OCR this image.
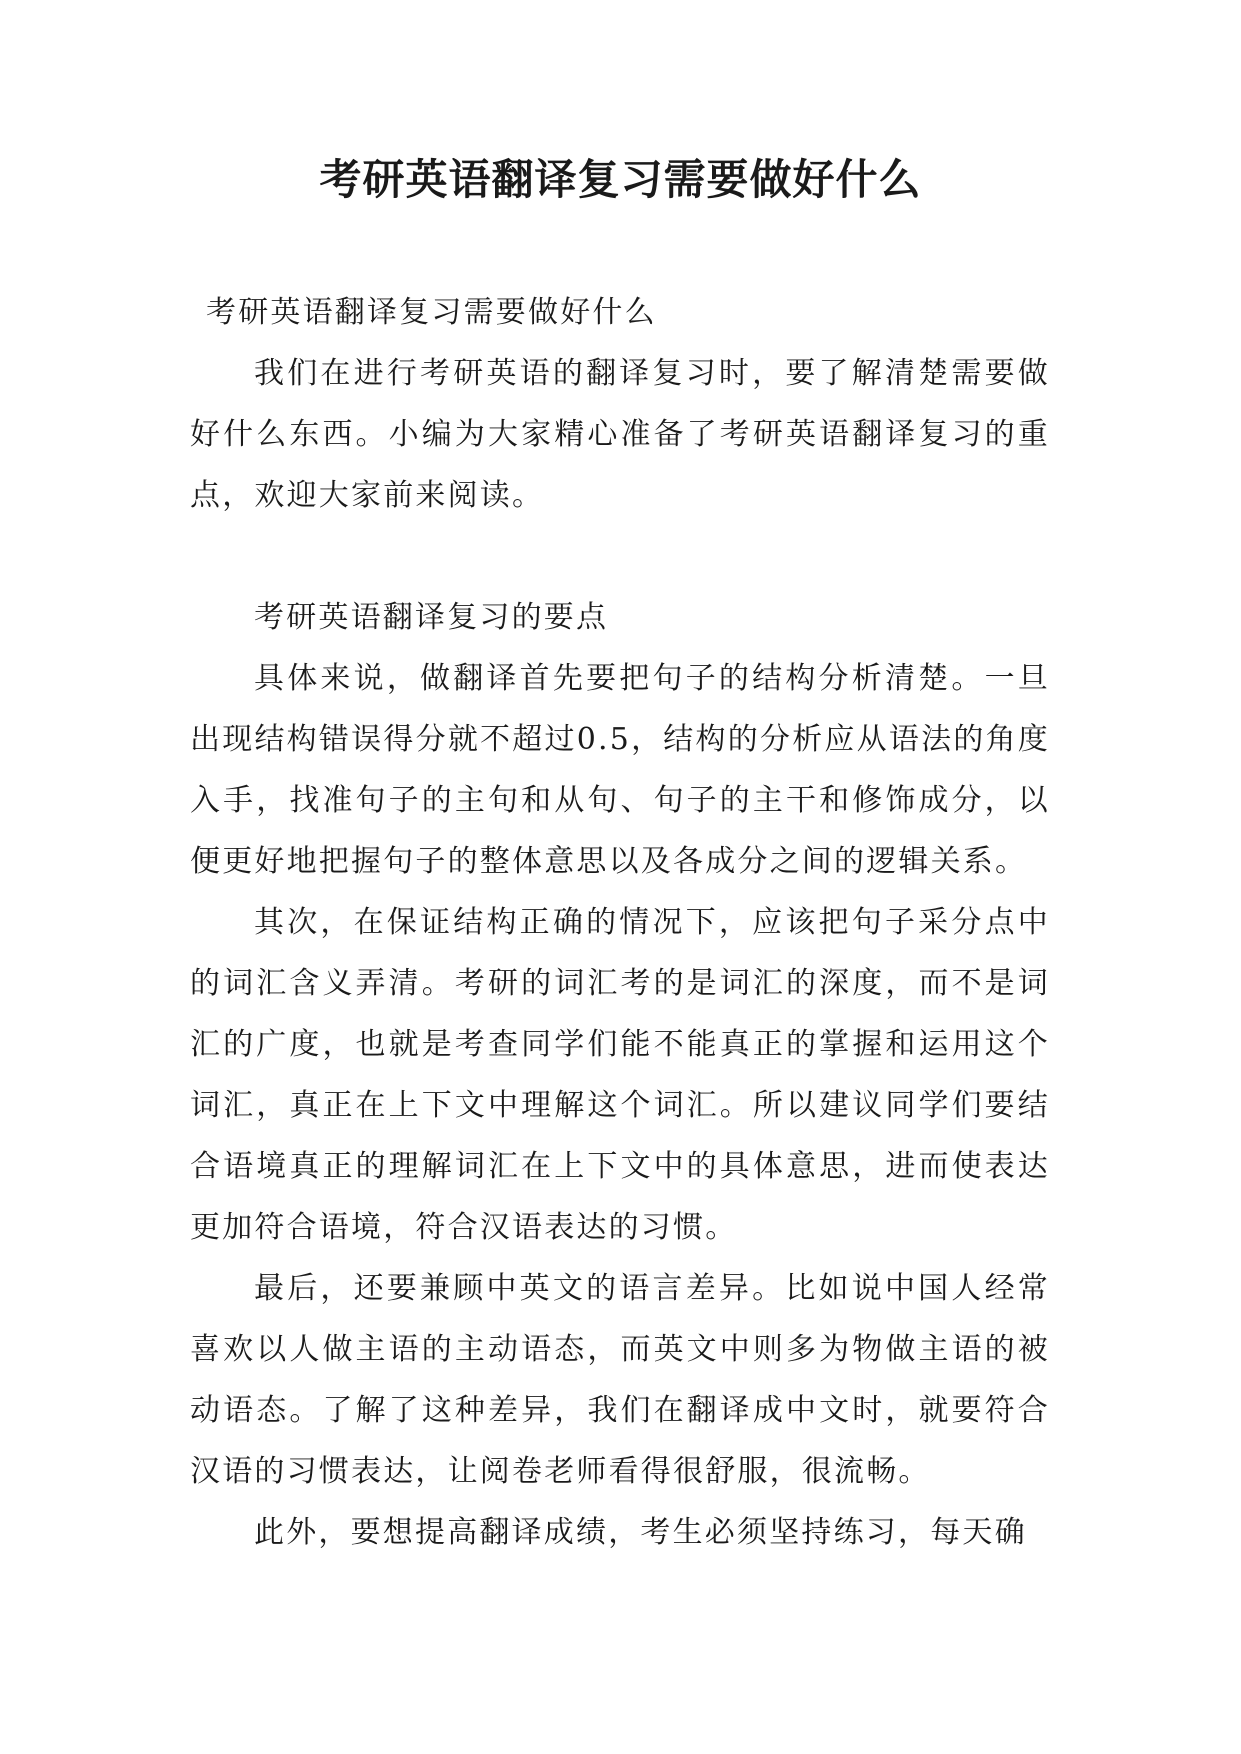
考研英语翻译复习需要做好什么

考研英语翻译复习需要做好什么

我们在进行考研英语的翻译复习时，要了解清楚需要做好什么东西。小编为大家精心准备了考研英语翻译复习的重点，欢迎大家前来阅读。

考研英语翻译复习的要点

具体来说，做翻译首先要把句子的结构分析清楚。一旦出现结构错误得分就不超过0.5，结构的分析应从语法的角度入手，找准句子的主句和从句、句子的主干和修饰成分，以便更好地把握句子的整体意思以及各成分之间的逻辑关系。

其次，在保证结构正确的情况下，应该把句子采分点中的词汇含义弄清。考研的词汇考的是词汇的深度，而不是词汇的广度，也就是考查同学们能不能真正的掌握和运用这个词汇，真正在上下文中理解这个词汇。所以建议同学们要结合语境真正的理解词汇在上下文中的具体意思，进而使表达更加符合语境，符合汉语表达的习惯。

最后，还要兼顾中英文的语言差异。比如说中国人经常喜欢以人做主语的主动语态，而英文中则多为物做主语的被动语态。了解了这种差异，我们在翻译成中文时，就要符合汉语的习惯表达，让阅卷老师看得很舒服，很流畅。

此外，要想提高翻译成绩，考生必须坚持练习，每天确
